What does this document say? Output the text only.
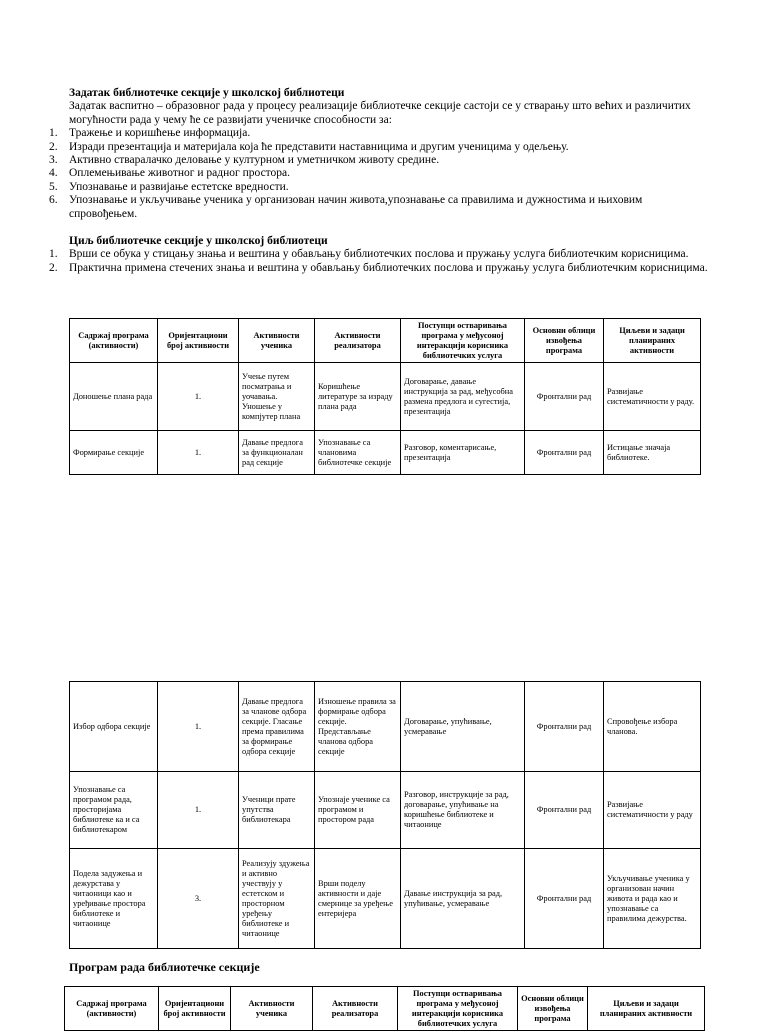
Задатак библиотечке секције у школској библиотеци
Задатак васпитно – образовног рада у процесу реализације библиотечке секције састоји се у стварању што већих и различитих могућности рада у чему ће се развијати ученичке способности за:
1. Тражење и коришћење информација.
2. Изради презентација и материјала која ће представити наставницима и другим ученицима у одељењу.
3. Активно стваралачко деловање у културном и уметничком животу средине.
4. Оплемењивање животног и радног простора.
5. Упознавање и развијање естетске вредности.
6. Упознавање и укључивање ученика у организован начин живота,упознавање са правилима и дужностима и њиховим спровођењем.
Циљ библиотечке секције у школској библиотеци
1. Врши се обука у стицању знања и вештина у обављању библиотечких послова и пружању услуга библиотечким корисницима.
2. Практична примена стечених знања и вештина у обављању библиотечких послова и пружању услуга библиотечким корисницима.
Садржај програма (активности)	Оријентациони број активности	Активности ученика	Активности реализатора	Поступци остваривања програма у међусоној интеракцији корисника библиотечких услуга	Основни облици извођења програма	Циљеви и задаци планираних активности
Доношење плана рада	1.	Учење путем посматрања и уочавања. Уношење у компјутер плана	Коришћење литературе за израду плана рада	Договарање, давање инструкција за рад, међусобна размена предлога и сугестија, презентација	Фронтални рад	Развијање систематичности у раду.
Формирање секције	1.	Давање предлога за функционалан рад секције	Упознавање са члановима библиотечке секције	Разговор, коментарисање, презентација	Фронтални рад	Истицање значаја библиотеке.
Избор одбора секције	1.	Давање предлога за чланове одбора секције. Гласање према правилима за формирање одбора секције	Изношење правила за формирање одбора секције. Представљање чланова одбора секције	Договарање, упућивање, усмеравање	Фронтални рад	Спровођење избора чланова.
Упознавање са програмом рада, просторијама библиотеке ка и са библиотекаром	1.	Ученици прате упутства библиотекара	Упознаје ученике са програмом и простором рада	Разговор, инструкције за рад, договарање, упућивање на коришћење библиотеке и читаонице	Фронтални рад	Развијање систематичности у раду
Подела задужења и дежурстава у читаоници као и уређивање простора библиотеке и читаонице	3.	Реализују здужења и активно учествују у естетском и просторном уређењу библиотеке и читаонице	Врши поделу активности и даје смернице за уређење ентеријера	Давање инструкција за рад, упућивање, усмеравање	Фронтални рад	Укључивање ученика у организован начин живота и рада као и упознавање са правилима дежурства.
Програм рада библиотечке секције
Садржај програма (активности)	Оријентациони број активности	Активности ученика	Активности реализатора	Поступци остваривања програма у међусоној интеракцији корисника библиотечких услуга	Основни облици извођења програма	Циљеви и задаци планираних активности
